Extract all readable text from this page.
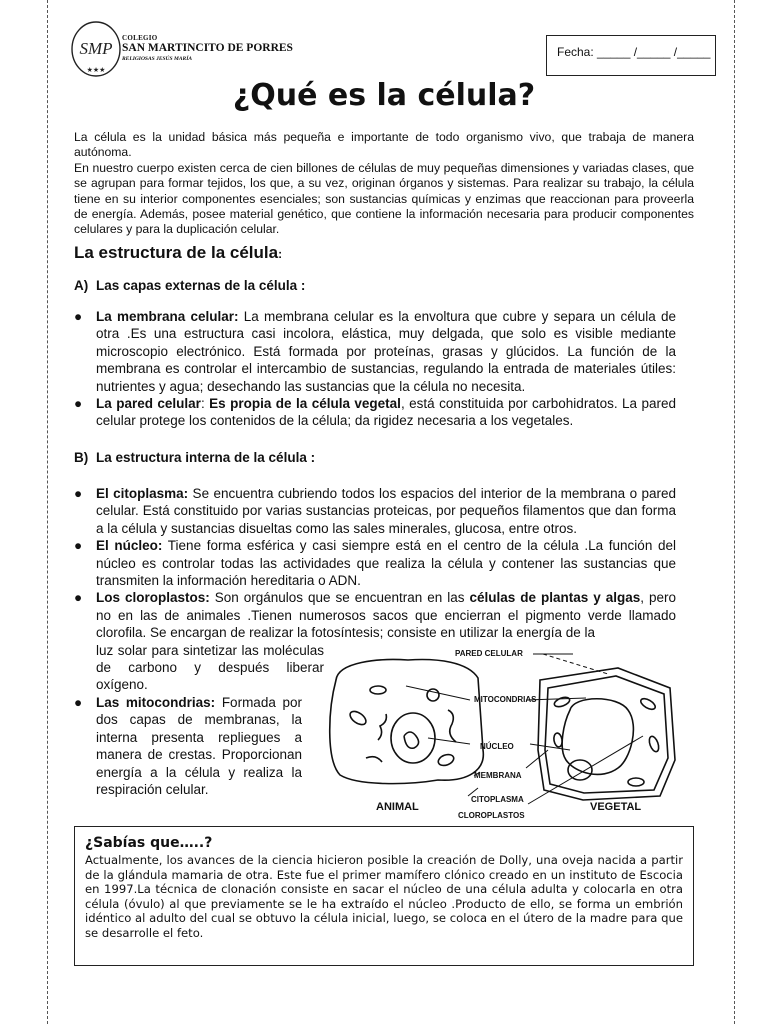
SMP
★★★
COLEGIO
SAN MARTINCITO DE PORRES
RELIGIOSAS JESÚS MARÍA	Fecha: _____ /_____ /_____
¿Qué es la célula?

La célula es la unidad básica más pequeña e importante de todo organismo vivo, que trabaja de manera autónoma.

En nuestro cuerpo existen cerca de cien billones de células de muy pequeñas dimensiones y variadas clases, que se agrupan para formar tejidos, los que, a su vez, originan órganos y sistemas. Para realizar su trabajo, la célula tiene en su interior componentes esenciales; son sustancias químicas y enzimas que reaccionan para proveerla de energía. Además, posee material genético, que contiene la información necesaria para producir componentes celulares y para la duplicación celular.

La estructura de la célula:
A) Las capas externas de la célula :
● La membrana celular: La membrana celular es la envoltura que cubre y separa un célula de otra .Es una estructura casi incolora, elástica, muy delgada, que solo es visible mediante microscopio electrónico. Está formada por proteínas, grasas y glúcidos. La función de la membrana es controlar el intercambio de sustancias, regulando la entrada de materiales útiles: nutrientes y agua; desechando las sustancias que la célula no necesita.
● La pared celular: Es propia de la célula vegetal, está constituida por carbohidratos. La pared celular protege los contenidos de la célula; da rigidez necesaria a los vegetales.
B) La estructura interna de la célula :
● El citoplasma: Se encuentra cubriendo todos los espacios del interior de la membrana o pared celular. Está constituido por varias sustancias proteicas, por pequeños filamentos que dan forma a la célula y sustancias disueltas como las sales minerales, glucosa, entre otros.
● El núcleo: Tiene forma esférica y casi siempre está en el centro de la célula .La función del núcleo es controlar todas las actividades que realiza la célula y contener las sustancias que transmiten la información hereditaria o ADN.
● Los cloroplastos: Son orgánulos que se encuentran en las células de plantas y algas, pero no en las de animales .Tienen numerosos sacos que encierran el pigmento verde llamado clorofila. Se encargan de realizar la fotosíntesis; consiste en utilizar la energía de la
luz solar para sintetizar las moléculas de carbono y después liberar oxígeno.
● Las mitocondrias: Formada por dos capas de membranas, la interna presenta repliegues a manera de crestas. Proporcionan energía a la célula y realiza la respiración celular.
PARED CELULAR
MITOCONDRIAS
NÚCLEO
MEMBRANA
CITOPLASMA
CLOROPLASTOS
ANIMAL	VEGETAL
¿Sabías que…..?
Actualmente, los avances de la ciencia hicieron posible la creación de Dolly, una oveja nacida a partir de la glándula mamaria de otra. Este fue el primer mamífero clónico creado en un instituto de Escocia en 1997.La técnica de clonación consiste en sacar el núcleo de una célula adulta y colocarla en otra célula (óvulo) al que previamente se le ha extraído el núcleo .Producto de ello, se forma un embrión idéntico al adulto del cual se obtuvo la célula inicial, luego, se coloca en el útero de la madre para que se desarrolle el feto.
